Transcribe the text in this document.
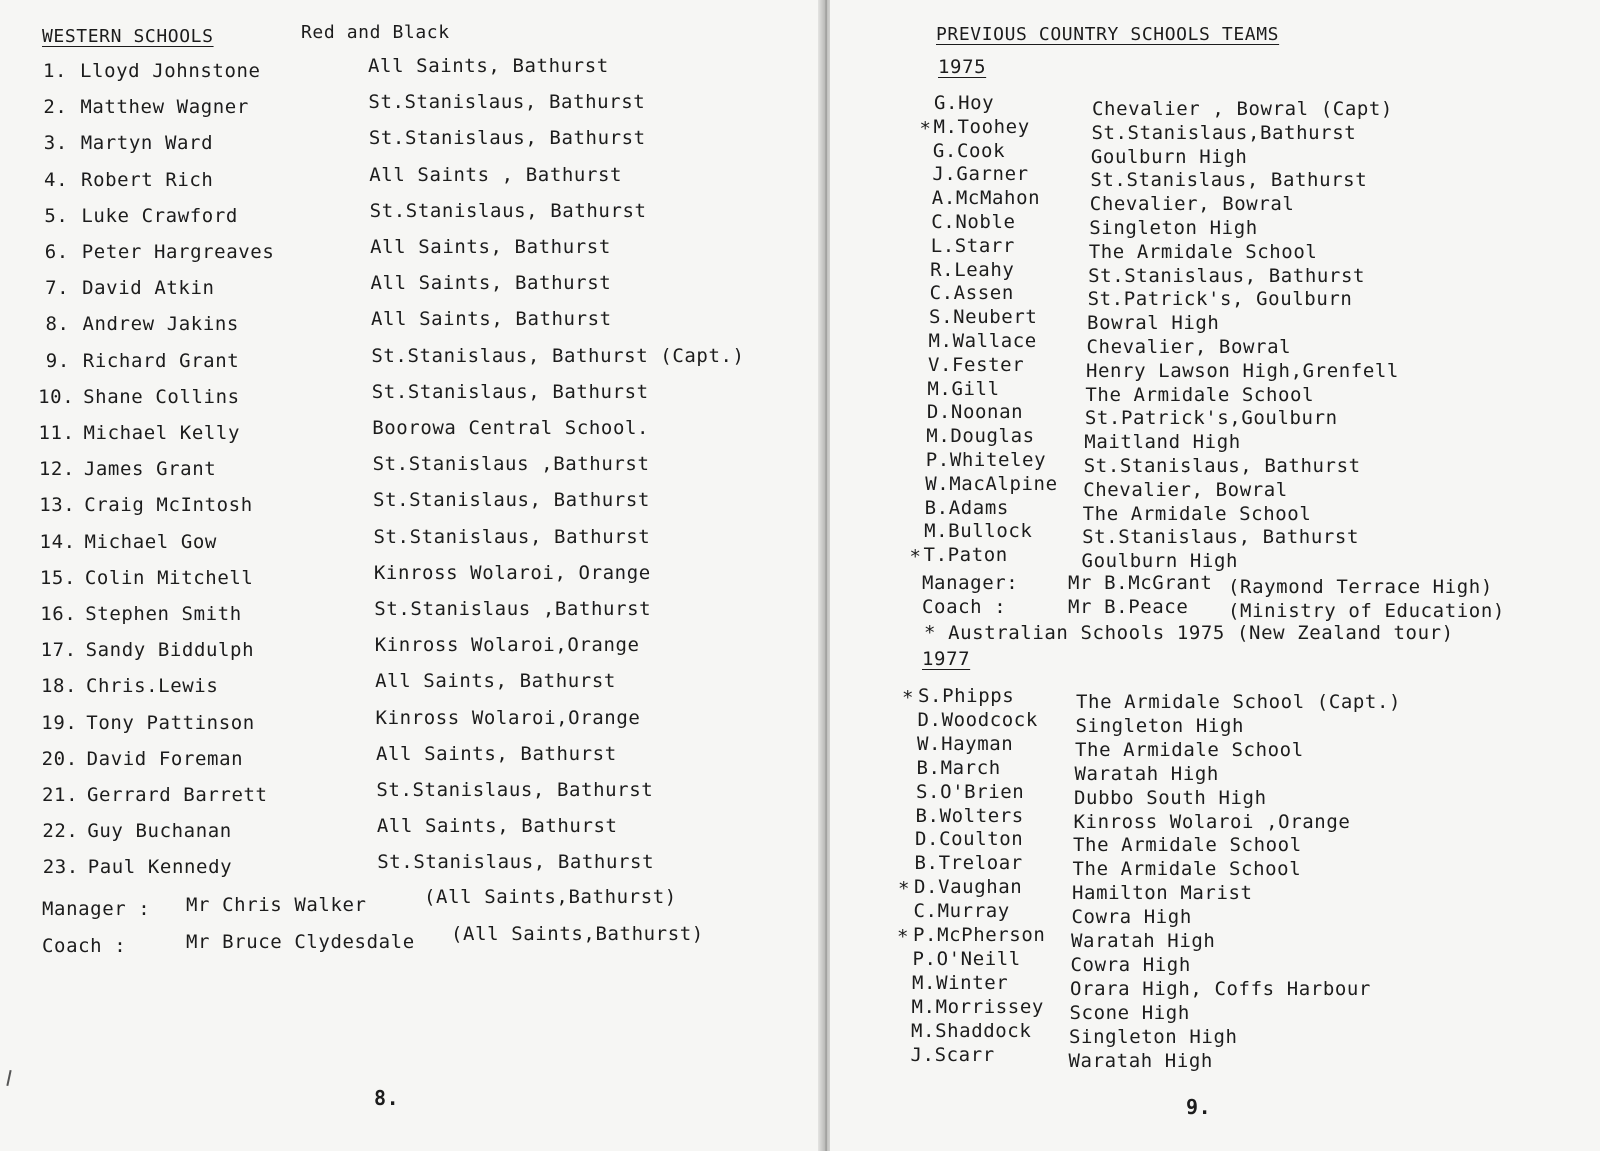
WESTERN SCHOOLS	Red and Black
1. Lloyd Johnstone	All Saints, Bathurst
2. Matthew Wagner	St.Stanislaus, Bathurst
3. Martyn Ward	St.Stanislaus, Bathurst
4. Robert Rich	All Saints , Bathurst
5. Luke Crawford	St.Stanislaus, Bathurst
6. Peter Hargreaves	All Saints, Bathurst
7. David Atkin	All Saints, Bathurst
8. Andrew Jakins	All Saints, Bathurst
9. Richard Grant	St.Stanislaus, Bathurst (Capt.)
10. Shane Collins	St.Stanislaus, Bathurst
11. Michael Kelly	Boorowa Central School.
12. James Grant	St.Stanislaus ,Bathurst
13. Craig McIntosh	St.Stanislaus, Bathurst
14. Michael Gow	St.Stanislaus, Bathurst
15. Colin Mitchell	Kinross Wolaroi, Orange
16. Stephen Smith	St.Stanislaus ,Bathurst
17. Sandy Biddulph	Kinross Wolaroi,Orange
18. Chris.Lewis	All Saints, Bathurst
19. Tony Pattinson	Kinross Wolaroi,Orange
20. David Foreman	All Saints, Bathurst
21. Gerrard Barrett	St.Stanislaus, Bathurst
22. Guy Buchanan	All Saints, Bathurst
23. Paul Kennedy	St.Stanislaus, Bathurst
Manager : Mr Chris Walker	(All Saints,Bathurst)
Coach :	Mr Bruce Clydesdale (All Saints,Bathurst)
8.
PREVIOUS COUNTRY SCHOOLS TEAMS
1975
G.Hoy	Chevalier , Bowral (Capt)
* M.Toohey	St.Stanislaus,Bathurst
G.Cook	Goulburn High
J.Garner	St.Stanislaus, Bathurst
A.McMahon	Chevalier, Bowral
C.Noble	Singleton High
L.Starr	The Armidale School
R.Leahy	St.Stanislaus, Bathurst
C.Assen	St.Patrick's, Goulburn
S.Neubert	Bowral High
M.Wallace	Chevalier, Bowral
V.Fester	Henry Lawson High,Grenfell
M.Gill	The Armidale School
D.Noonan	St.Patrick's,Goulburn
M.Douglas	Maitland High
P.Whiteley St.Stanislaus, Bathurst
W.MacAlpine Chevalier, Bowral
B.Adams	The Armidale School
M.Bullock	St.Stanislaus, Bathurst
* T.Paton	Goulburn High
Manager:	Mr B.McGrant (Raymond Terrace High)
Coach :	Mr B.Peace (Ministry of Education)
* Australian Schools 1975 (New Zealand tour)
1977
* S.Phipps	The Armidale School (Capt.)
D.Woodcock Singleton High
W.Hayman	The Armidale School
B.March	Waratah High
S.O'Brien	Dubbo South High
B.Wolters	Kinross Wolaroi ,Orange
D.Coulton	The Armidale School
B.Treloar	The Armidale School
* D.Vaughan	Hamilton Marist
C.Murray	Cowra High
* P.McPherson Waratah High
P.O'Neill	Cowra High
M.Winter	Orara High, Coffs Harbour
M.Morrissey Scone High
M.Shaddock Singleton High
J.Scarr	Waratah High
9.
